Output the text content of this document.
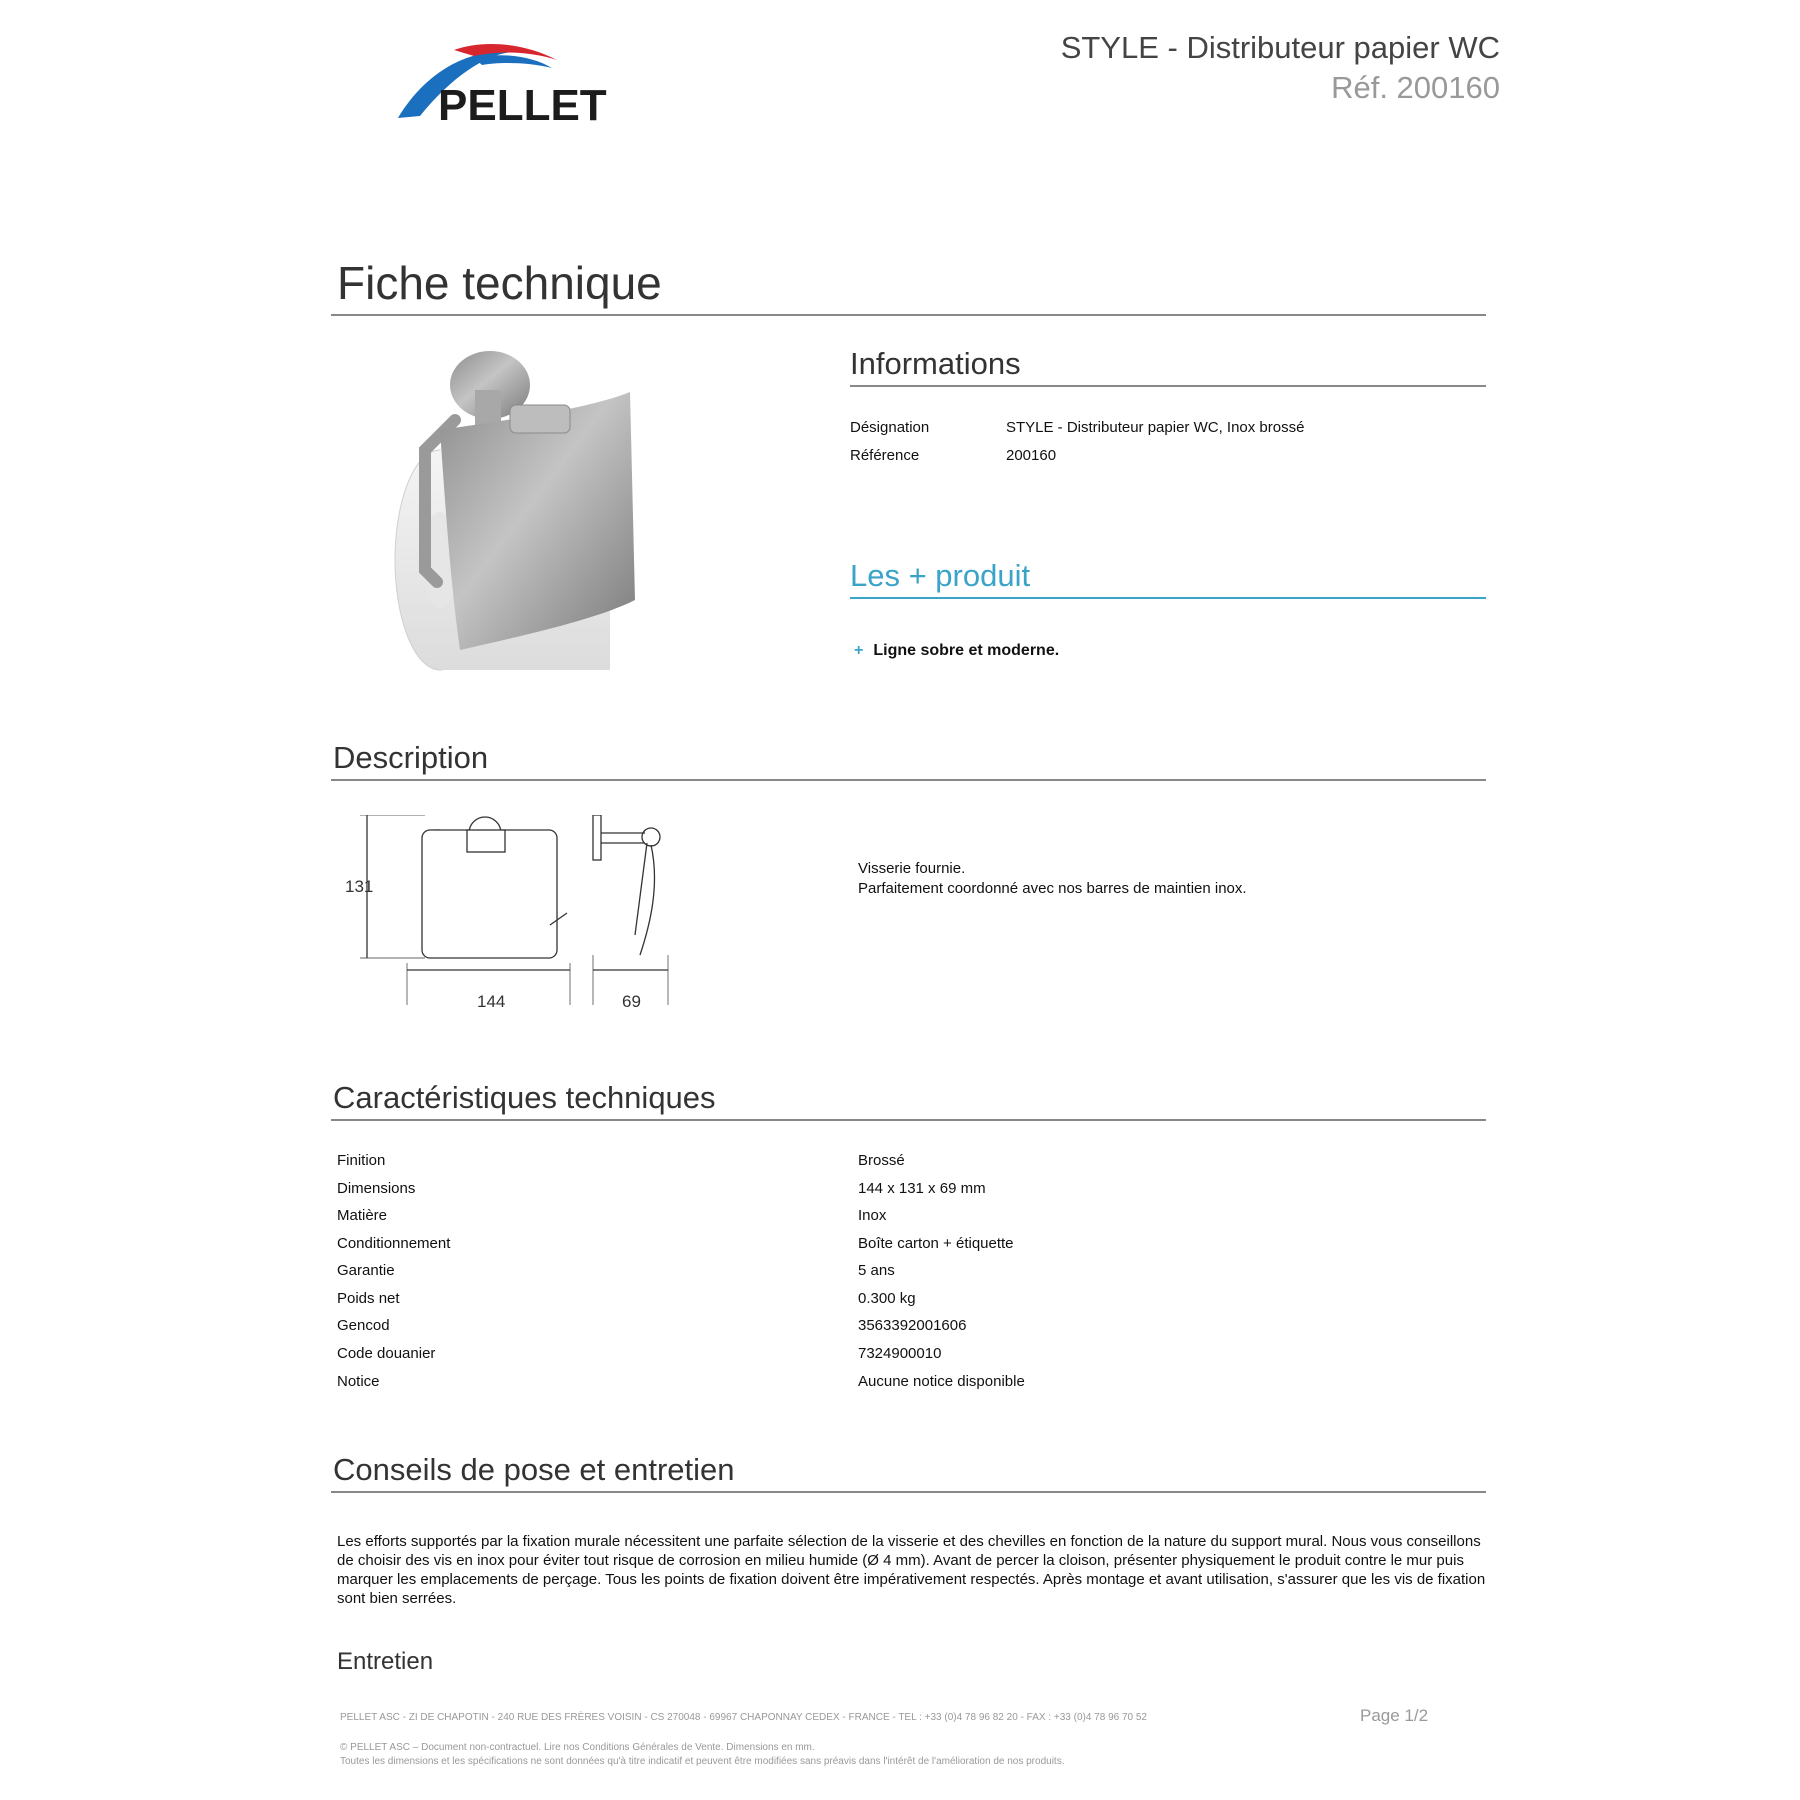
PELLET
STYLE - Distributeur papier WC
Réf. 200160
Fiche technique
Informations
Désignation	STYLE - Distributeur papier WC, Inox brossé
Référence	200160
Les + produit
+ Ligne sobre et moderne.
Description
131
144	69
Visserie fournie.
Parfaitement coordonné avec nos barres de maintien inox.
Caractéristiques techniques
Finition	Brossé
Dimensions	144 x 131 x 69 mm
Matière	Inox
Conditionnement	Boîte carton + étiquette
Garantie	5 ans
Poids net	0.300 kg
Gencod	3563392001606
Code douanier	7324900010
Notice	Aucune notice disponible
Conseils de pose et entretien
Les efforts supportés par la fixation murale nécessitent une parfaite sélection de la visserie et des chevilles en fonction de la nature du support mural. Nous vous conseillons de choisir des vis en inox pour éviter tout risque de corrosion en milieu humide (Ø 4 mm). Avant de percer la cloison, présenter physiquement le produit contre le mur puis marquer les emplacements de perçage. Tous les points de fixation doivent être impérativement respectés. Après montage et avant utilisation, s'assurer que les vis de fixation sont bien serrées.
Entretien
PELLET ASC - ZI DE CHAPOTIN - 240 RUE DES FRÈRES VOISIN - CS 270048 - 69967 CHAPONNAY CEDEX - FRANCE - TEL : +33 (0)4 78 96 82 20 - FAX : +33 (0)4 78 96 70 52	Page 1/2
© PELLET ASC – Document non-contractuel. Lire nos Conditions Générales de Vente. Dimensions en mm.
Toutes les dimensions et les spécifications ne sont données qu'à titre indicatif et peuvent être modifiées sans préavis dans l'intérêt de l'amélioration de nos produits.
